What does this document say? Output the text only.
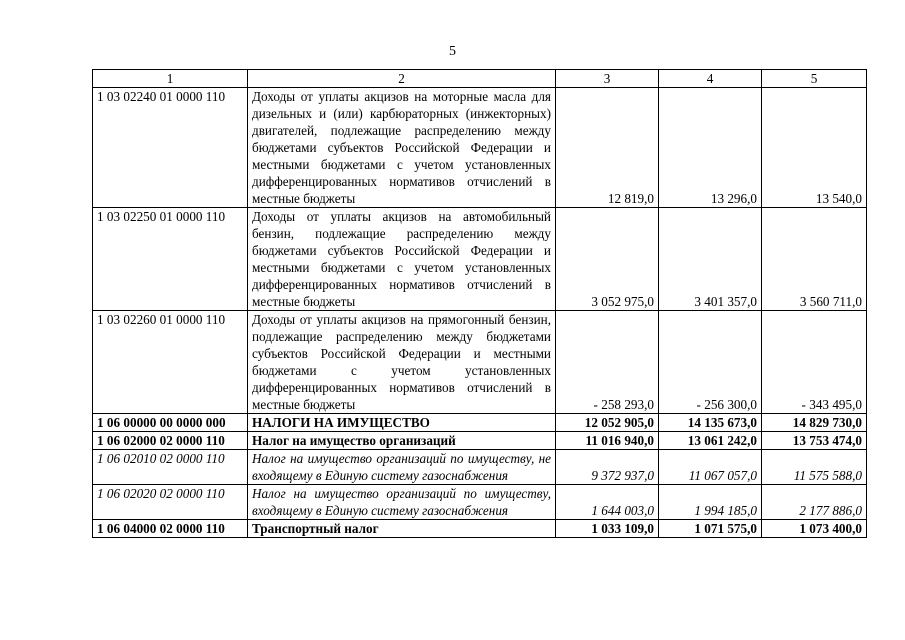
5
1	2	3	4	5
1 03 02240 01 0000 110	Доходы от уплаты акцизов на моторные масла для дизельных и (или) карбюраторных (инжекторных) двигателей, подлежащие распределению между бюджетами субъектов Российской Федерации и местными бюджетами с учетом установленных дифференцированных нормативов отчислений в местные бюджеты	12 819,0	13 296,0	13 540,0
1 03 02250 01 0000 110	Доходы от уплаты акцизов на автомобильный бензин, подлежащие распределению между бюджетами субъектов Российской Федерации и местными бюджетами с учетом установленных дифференцированных нормативов отчислений в местные бюджеты	3 052 975,0	3 401 357,0	3 560 711,0
1 03 02260 01 0000 110	Доходы от уплаты акцизов на прямогонный бензин, подлежащие распределению между бюджетами субъектов Российской Федерации и местными бюджетами с учетом установленных дифференцированных нормативов отчислений в местные бюджеты	- 258 293,0	- 256 300,0	- 343 495,0
1 06 00000 00 0000 000	НАЛОГИ НА ИМУЩЕСТВО	12 052 905,0	14 135 673,0	14 829 730,0
1 06 02000 02 0000 110	Налог на имущество организаций	11 016 940,0	13 061 242,0	13 753 474,0
1 06 02010 02 0000 110	Налог на имущество организаций по имуществу, не входящему в Единую систему газоснабжения	9 372 937,0	11 067 057,0	11 575 588,0
1 06 02020 02 0000 110	Налог на имущество организаций по имуществу, входящему в Единую систему газоснабжения	1 644 003,0	1 994 185,0	2 177 886,0
1 06 04000 02 0000 110	Транспортный налог	1 033 109,0	1 071 575,0	1 073 400,0
